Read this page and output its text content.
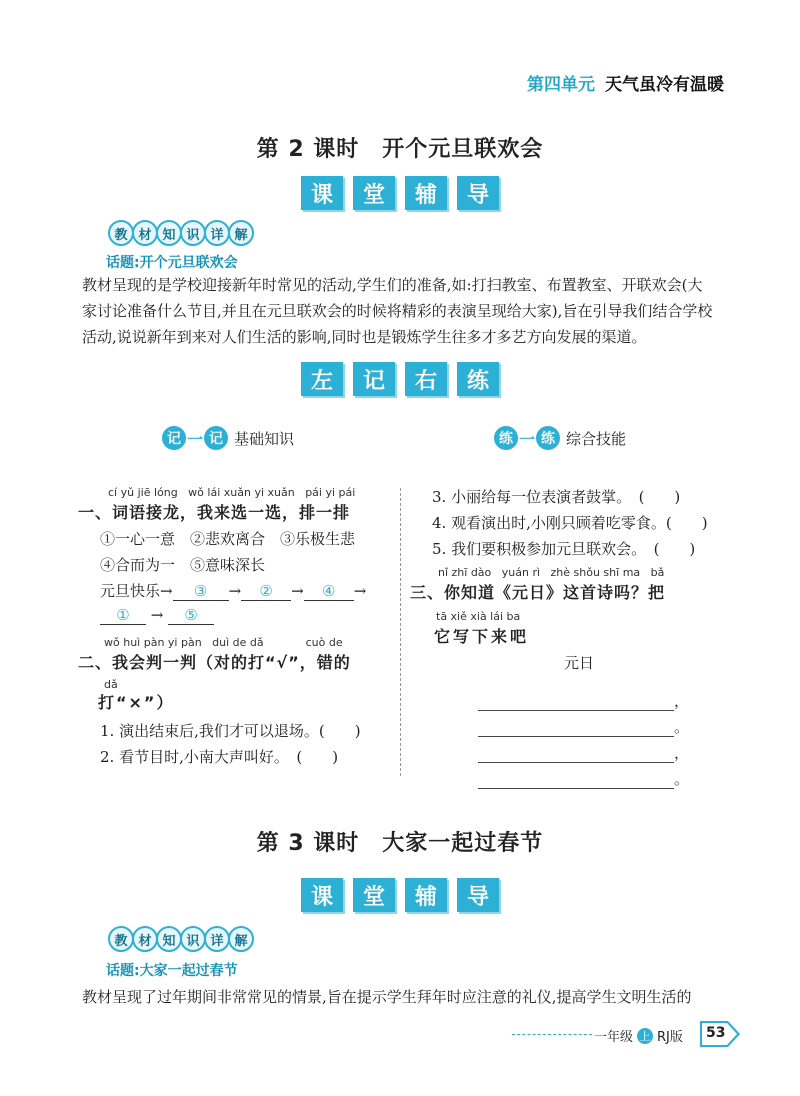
第四单元 天气虽冷有温暖
第 2 课时　开个元旦联欢会
课	堂	辅	导
教 材 知 识 详 解
话题:开个元旦联欢会
教材呈现的是学校迎接新年时常见的活动,学生们的准备,如:打扫教室、布置教室、开联欢会(大
家讨论准备什么节目,并且在元旦联欢会的时候将精彩的表演呈现给大家),旨在引导我们结合学校
活动,说说新年到来对人们生活的影响,同时也是锻炼学生往多才多艺方向发展的渠道。
左	记	右	练
记 一 记 基础知识	练 一 练 综合技能
cí yǔ jiē lóng   wǒ lái xuǎn yi xuǎn   pái yi pái
一、词语接龙，我来选一选，排一排
①一心一意　②悲欢离合　③乐极生悲
④合而为一　⑤意味深长
元旦快乐→ ③ → ② → ④ →
① → ⑤
wǒ huì pàn yi pàn   duì de dǎ            cuò de
二、我会判一判（对的打“√”，错的
dǎ
打“×”）
1. 演出结束后,我们才可以退场。(　　)
2. 看节目时,小南大声叫好。　(　　)
3. 小丽给每一位表演者鼓掌。　(　　)
4. 观看演出时,小刚只顾着吃零食。(　　)
5. 我们要积极参加元旦联欢会。　(　　)
nǐ zhī dào   yuán rì   zhè shǒu shī ma   bǎ
三、你知道《元日》这首诗吗？把
tā xiě xià lái ba
它写下来吧
元日
，
。
，
。
第 3 课时　大家一起过春节
课	堂	辅	导
教 材 知 识 详 解
话题:大家一起过春节
教材呈现了过年期间非常常见的情景,旨在提示学生拜年时应注意的礼仪,提高学生文明生活的
一年级 上 RJ版 53
